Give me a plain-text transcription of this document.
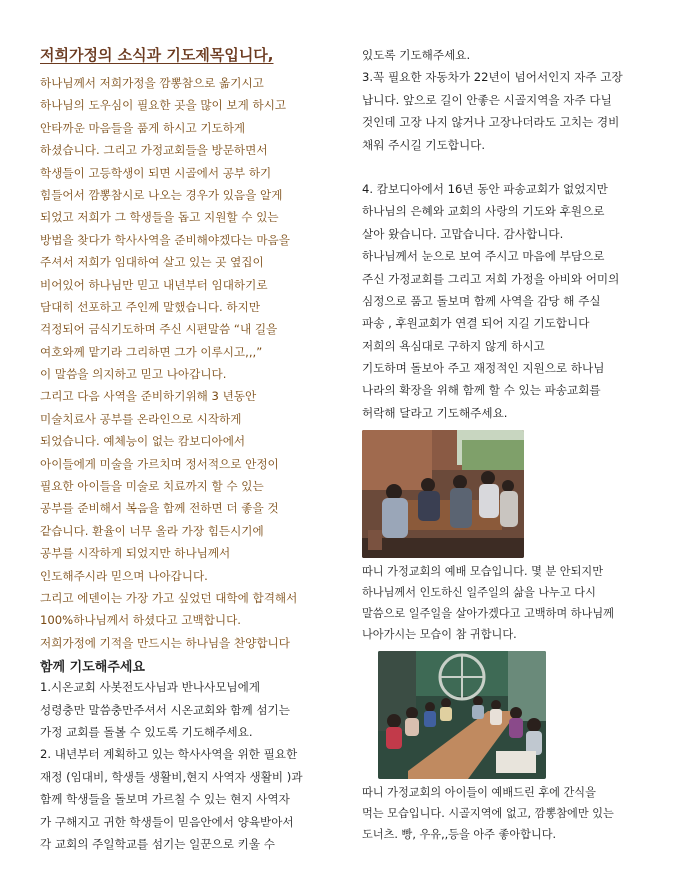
저희가정의 소식과 기도제목입니다,
하나님께서 저희가정을 깜뽕참으로 옮기시고
하나님의 도우심이 필요한 곳을 많이 보게 하시고
안타까운 마음들을 품게 하시고 기도하게
하셨습니다. 그리고 가정교회들을 방문하면서
학생들이 고등학생이 되면 시골에서 공부 하기
힘들어서 깜뽕참시로 나오는 경우가 있음을 알게
되었고 저희가 그 학생들을 돕고 지원할 수 있는
방법을 찾다가 학사사역을 준비해야겠다는 마음을
주셔서 저희가 임대하여 살고 있는 곳 옆집이
비어있어 하나님만 믿고 내년부터 임대하기로
담대히 선포하고 주인께 말했습니다. 하지만
걱정되어 금식기도하며 주신 시편말씀 “내 길을
여호와께 맡기라 그리하면 그가 이루시고,,,”
이 말씀을 의지하고 믿고 나아갑니다.
그리고 다음 사역을 준비하기위해 3 년동안
미술치료사 공부를 온라인으로 시작하게
되었습니다. 예체능이 없는 캄보디아에서
아이들에게 미술을 가르치며 정서적으로 안정이
필요한 아이들을 미술로 치료까지 할 수 있는
공부를 준비해서 복음을 함께 전하면 더 좋을 것
같습니다. 환율이 너무 올라 가장 힘든시기에
공부를 시작하게 되었지만 하나님께서
인도해주시라 믿으며 나아갑니다.
그리고 에덴이는 가장 가고 싶었던 대학에 합격해서
100%하나님께서 하셨다고 고백합니다.
저희가정에 기적을 만드시는 하나님을 찬양합니다
함께 기도해주세요
1.시온교회 사봇전도사님과 반나사모님에게
성령충만 말씀충만주셔서 시온교회와 함께 섬기는
가정 교회를 돌볼 수 있도록 기도해주세요.
2. 내년부터 계획하고 있는 학사사역을 위한 필요한
재정 (임대비, 학생들 생활비,현지 사역자 생활비 )과
함께 학생들을 돌보며 가르칠 수 있는 현지 사역자
가 구해지고 귀한 학생들이 믿음안에서 양육받아서
각 교회의 주일학교를 섬기는 일꾼으로 키울 수
있도록 기도해주세요.
3.꼭 필요한 자동차가 22년이 넘어서인지 자주 고장
납니다. 앞으로 길이 안좋은 시골지역을 자주 다닐
것인데 고장 나지 않거나 고장나더라도 고치는 경비
채워 주시길 기도합니다.
4. 캄보디아에서 16년 동안 파송교회가 없었지만
하나님의 은혜와 교회의 사랑의 기도와 후원으로
살아 왔습니다. 고맙습니다. 감사합니다.
하나님께서 눈으로 보여 주시고 마음에 부담으로
주신 가정교회를 그리고 저희 가정을 아비와 어미의
심정으로 품고 돌보며 함께 사역을 감당 해 주실
파송 , 후원교회가 연결 되어 지길 기도합니다
저희의 욕심대로 구하지 않게 하시고
기도하며 돌보아 주고 재정적인 지원으로 하나님
나라의 확장을 위해 함께 할 수 있는 파송교회를
허락해 달라고 기도해주세요.
따니 가정교회의 예배 모습입니다. 몇 분 안되지만
하나님께서 인도하신 일주일의 삶을 나누고 다시
말씀으로 일주일을 살아가겠다고 고백하며 하나님께
나아가시는 모습이 참 귀합니다.
따니 가정교회의 아이들이 예배드린 후에 간식을
먹는 모습입니다. 시골지역에 없고, 깜뽕참에만 있는
도너츠. 빵, 우유,,등을 아주 좋아합니다.
